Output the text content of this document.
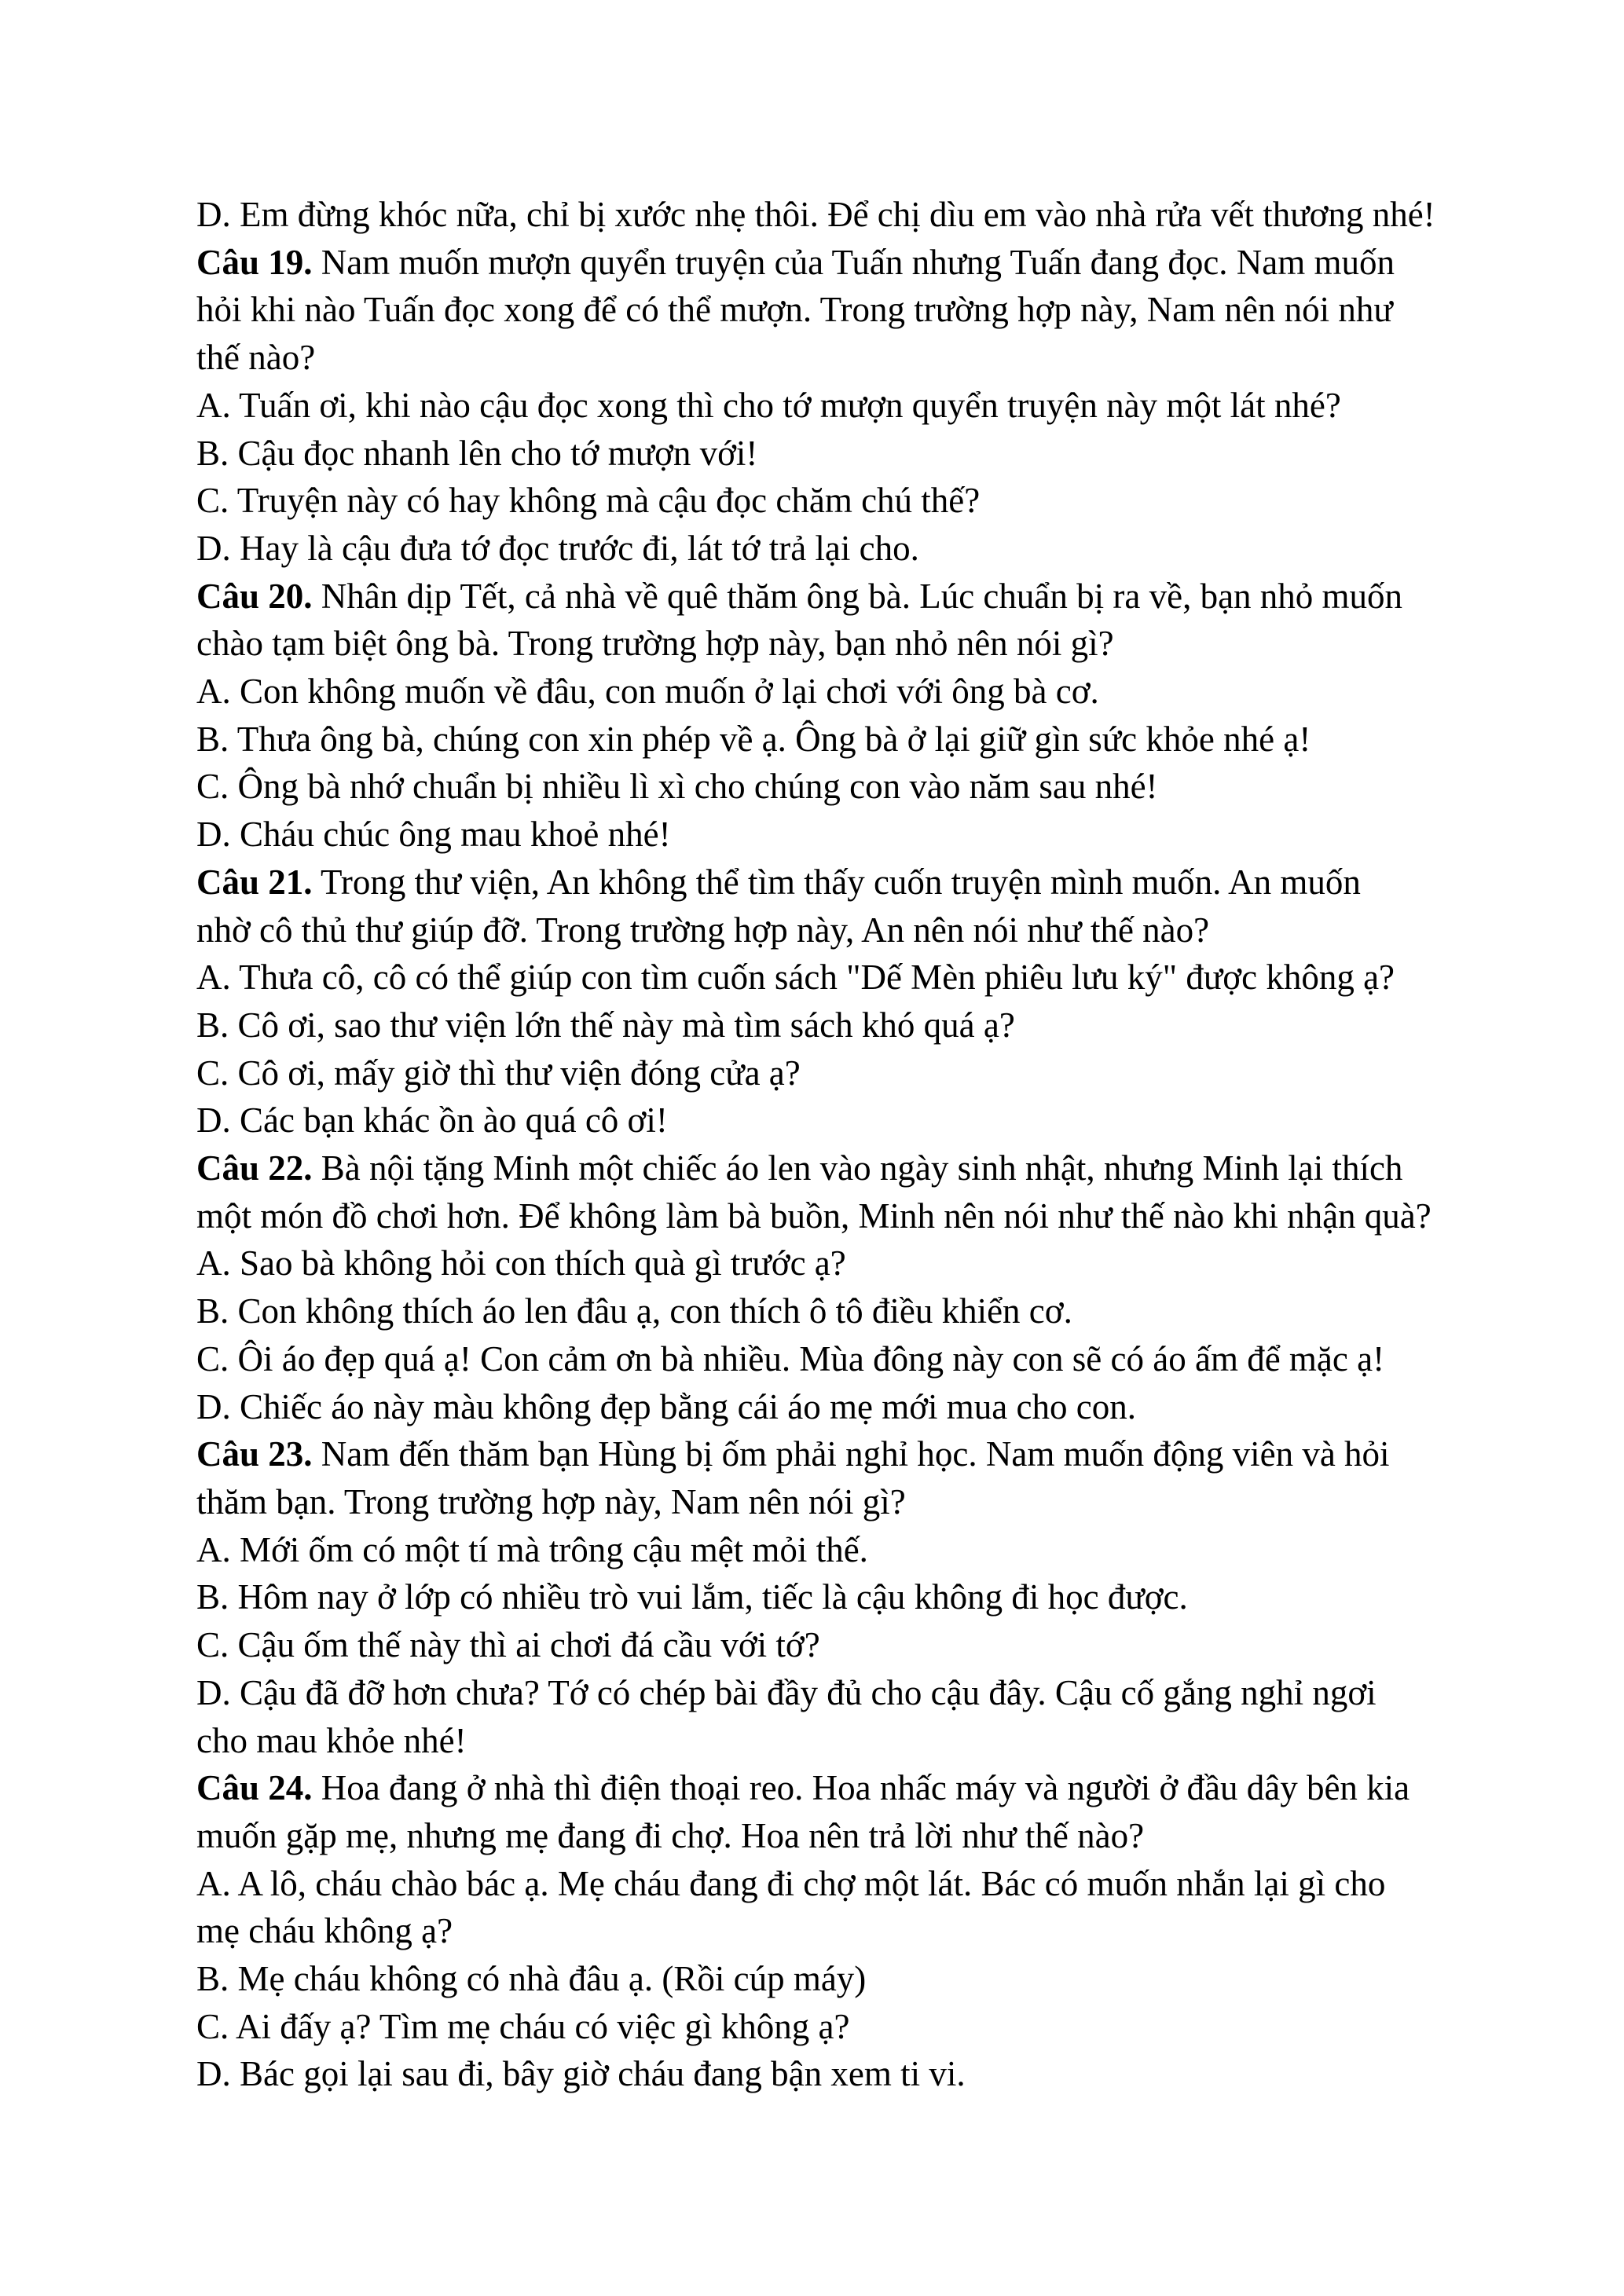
D. Em đừng khóc nữa, chỉ bị xước nhẹ thôi. Để chị dìu em vào nhà rửa vết thương nhé!
Câu 19. Nam muốn mượn quyển truyện của Tuấn nhưng Tuấn đang đọc. Nam muốn
hỏi khi nào Tuấn đọc xong để có thể mượn. Trong trường hợp này, Nam nên nói như
thế nào?
A. Tuấn ơi, khi nào cậu đọc xong thì cho tớ mượn quyển truyện này một lát nhé?
B. Cậu đọc nhanh lên cho tớ mượn với!
C. Truyện này có hay không mà cậu đọc chăm chú thế?
D. Hay là cậu đưa tớ đọc trước đi, lát tớ trả lại cho.
Câu 20. Nhân dịp Tết, cả nhà về quê thăm ông bà. Lúc chuẩn bị ra về, bạn nhỏ muốn
chào tạm biệt ông bà. Trong trường hợp này, bạn nhỏ nên nói gì?
A. Con không muốn về đâu, con muốn ở lại chơi với ông bà cơ.
B. Thưa ông bà, chúng con xin phép về ạ. Ông bà ở lại giữ gìn sức khỏe nhé ạ!
C. Ông bà nhớ chuẩn bị nhiều lì xì cho chúng con vào năm sau nhé!
D. Cháu chúc ông mau khoẻ nhé!
Câu 21. Trong thư viện, An không thể tìm thấy cuốn truyện mình muốn. An muốn
nhờ cô thủ thư giúp đỡ. Trong trường hợp này, An nên nói như thế nào?
A. Thưa cô, cô có thể giúp con tìm cuốn sách "Dế Mèn phiêu lưu ký" được không ạ?
B. Cô ơi, sao thư viện lớn thế này mà tìm sách khó quá ạ?
C. Cô ơi, mấy giờ thì thư viện đóng cửa ạ?
D. Các bạn khác ồn ào quá cô ơi!
Câu 22. Bà nội tặng Minh một chiếc áo len vào ngày sinh nhật, nhưng Minh lại thích
một món đồ chơi hơn. Để không làm bà buồn, Minh nên nói như thế nào khi nhận quà?
A. Sao bà không hỏi con thích quà gì trước ạ?
B. Con không thích áo len đâu ạ, con thích ô tô điều khiển cơ.
C. Ôi áo đẹp quá ạ! Con cảm ơn bà nhiều. Mùa đông này con sẽ có áo ấm để mặc ạ!
D. Chiếc áo này màu không đẹp bằng cái áo mẹ mới mua cho con.
Câu 23. Nam đến thăm bạn Hùng bị ốm phải nghỉ học. Nam muốn động viên và hỏi
thăm bạn. Trong trường hợp này, Nam nên nói gì?
A. Mới ốm có một tí mà trông cậu mệt mỏi thế.
B. Hôm nay ở lớp có nhiều trò vui lắm, tiếc là cậu không đi học được.
C. Cậu ốm thế này thì ai chơi đá cầu với tớ?
D. Cậu đã đỡ hơn chưa? Tớ có chép bài đầy đủ cho cậu đây. Cậu cố gắng nghỉ ngơi
cho mau khỏe nhé!
Câu 24. Hoa đang ở nhà thì điện thoại reo. Hoa nhấc máy và người ở đầu dây bên kia
muốn gặp mẹ, nhưng mẹ đang đi chợ. Hoa nên trả lời như thế nào?
A. A lô, cháu chào bác ạ. Mẹ cháu đang đi chợ một lát. Bác có muốn nhắn lại gì cho
mẹ cháu không ạ?
B. Mẹ cháu không có nhà đâu ạ. (Rồi cúp máy)
C. Ai đấy ạ? Tìm mẹ cháu có việc gì không ạ?
D. Bác gọi lại sau đi, bây giờ cháu đang bận xem ti vi.
